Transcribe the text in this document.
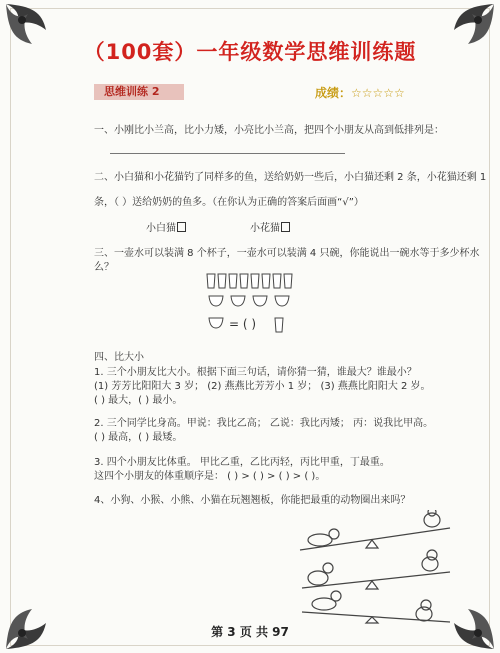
（100套）一年级数学思维训练题
思维训练 2	成绩：☆☆☆☆☆
一、小刚比小兰高，比小力矮，小亮比小兰高，把四个小朋友从高到低排列是：
二、小白猫和小花猫钓了同样多的鱼，送给奶奶一些后，小白猫还剩 2 条，小花猫还剩 1
条，（ ）送给奶奶的鱼多。（在你认为正确的答案后面画“√”）
小白猫	小花猫
三、一壶水可以装满 8 个杯子，一壶水可以装满 4 只碗，你能说出一碗水等于多少杯水
么？
= ( )
四、比大小
1. 三个小朋友比大小。根据下面三句话，请你猜一猜，谁最大？谁最小？
(1) 芳芳比阳阳大 3 岁； (2) 燕燕比芳芳小 1 岁； (3) 燕燕比阳阳大 2 岁。
( ) 最大，( ) 最小。
2. 三个同学比身高。甲说：我比乙高； 乙说：我比丙矮； 丙：说我比甲高。
( ) 最高，( ) 最矮。
3. 四个小朋友比体重。 甲比乙重，乙比丙轻，丙比甲重，丁最重。
这四个小朋友的体重顺序是： ( ) > ( ) > ( ) > ( )。
4、小狗、小猴、小熊、小猫在玩翘翘板，你能把最重的动物圈出来吗？
第 3 页 共 97
